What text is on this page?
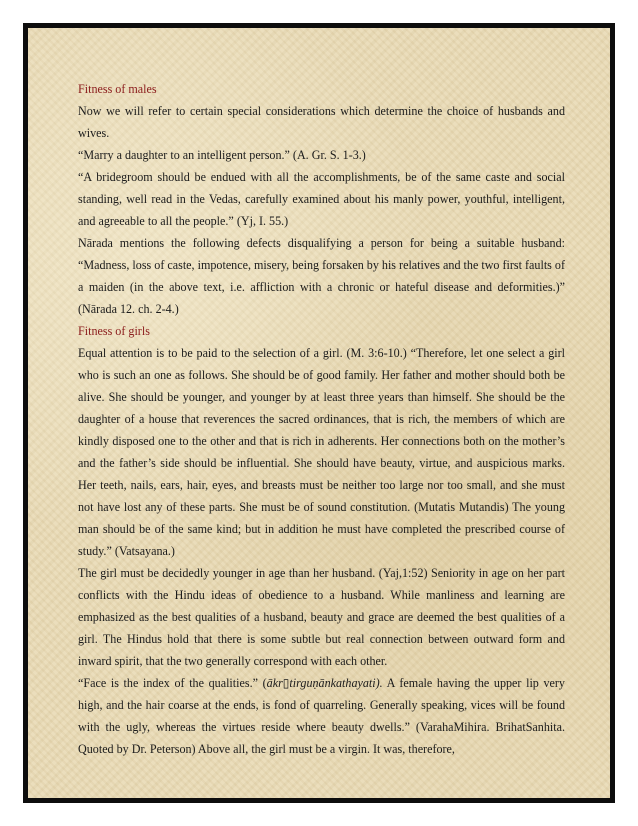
Fitness of males

Now we will refer to certain special considerations which determine the choice of husbands and wives.

“Marry a daughter to an intelligent person.” (A. Gr. S. 1-3.)

“A bridegroom should be endued with all the accomplishments, be of the same caste and social standing, well read in the Vedas, carefully examined about his manly power, youthful, intelligent, and agreeable to all the people.” (Yj, I. 55.)

Nārada mentions the following defects disqualifying a person for being a suitable husband: “Madness, loss of caste, impotence, misery, being forsaken by his relatives and the two first faults of a maiden (in the above text, i.e. affliction with a chronic or hateful disease and deformities.)” (Nārada 12. ch. 2-4.)

Fitness of girls

Equal attention is to be paid to the selection of a girl. (M. 3:6-10.) “Therefore, let one select a girl who is such an one as follows. She should be of good family. Her father and mother should both be alive. She should be younger, and younger by at least three years than himself. She should be the daughter of a house that reverences the sacred ordinances, that is rich, the members of which are kindly disposed one to the other and that is rich in adherents. Her connections both on the mother’s and the father’s side should be influential. She should have beauty, virtue, and auspicious marks. Her teeth, nails, ears, hair, eyes, and breasts must be neither too large nor too small, and she must not have lost any of these parts. She must be of sound constitution. (Mutatis Mutandis) The young man should be of the same kind; but in addition he must have completed the prescribed course of study.” (Vatsayana.)

The girl must be decidedly younger in age than her husband. (Yaj,1:52) Seniority in age on her part conflicts with the Hindu ideas of obedience to a husband. While manliness and learning are emphasized as the best qualities of a husband, beauty and grace are deemed the best qualities of a girl. The Hindus hold that there is some subtle but real connection between outward form and inward spirit, that the two generally correspond with each other.

“Face is the index of the qualities.” (ākr▯tirguṇānkathayati). A female having the upper lip very high, and the hair coarse at the ends, is fond of quarreling. Generally speaking, vices will be found with the ugly, whereas the virtues reside where beauty dwells.” (VarahaMihira. BrihatSanhita. Quoted by Dr. Peterson) Above all, the girl must be a virgin. It was, therefore,
